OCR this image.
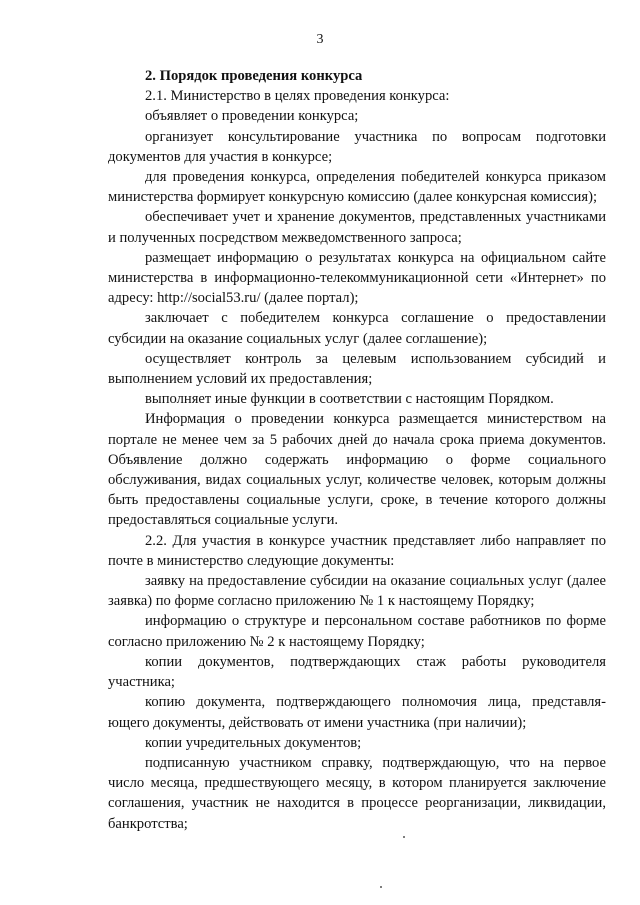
3

2. Порядок проведения конкурса

2.1. Министерство в целях проведения конкурса:

объявляет о проведении конкурса;

организует консультирование участника по вопросам подготовки документов для участия в конкурсе;

для проведения конкурса, определения победителей конкурса приказом министерства формирует конкурсную комиссию (далее конкурсная комиссия);

обеспечивает учет и хранение документов, представленных участниками и полученных посредством межведомственного запроса;

размещает информацию о результатах конкурса на официальном сайте министерства в информационно-телекоммуникационной сети «Интернет» по адресу: http://social53.ru/ (далее портал);

заключает с победителем конкурса соглашение о предоставлении субсидии на оказание социальных услуг (далее соглашение);

осуществляет контроль за целевым использованием субсидий и выполнением условий их предоставления;

выполняет иные функции в соответствии с настоящим Порядком.

Информация о проведении конкурса размещается министерством на портале не менее чем за 5 рабочих дней до начала срока приема документов. Объявление должно содержать информацию о форме социального обслуживания, видах социальных услуг, количестве человек, которым должны быть предоставлены социальные услуги, сроке, в течение которого должны предоставляться социальные услуги.

2.2. Для участия в конкурсе участник представляет либо направляет по почте в министерство следующие документы:

заявку на предоставление субсидии на оказание социальных услуг (далее заявка) по форме согласно приложению № 1 к настоящему Порядку;

информацию о структуре и персональном составе работников по форме согласно приложению № 2 к настоящему Порядку;

копии документов, подтверждающих стаж работы руководителя участника;

копию документа, подтверждающего полномочия лица, представля-ющего документы, действовать от имени участника (при наличии);

копии учредительных документов;

подписанную участником справку, подтверждающую, что на первое число месяца, предшествующего месяцу, в котором планируется заключение соглашения, участник не находится в процессе реорганизации, ликвидации, банкротства;
